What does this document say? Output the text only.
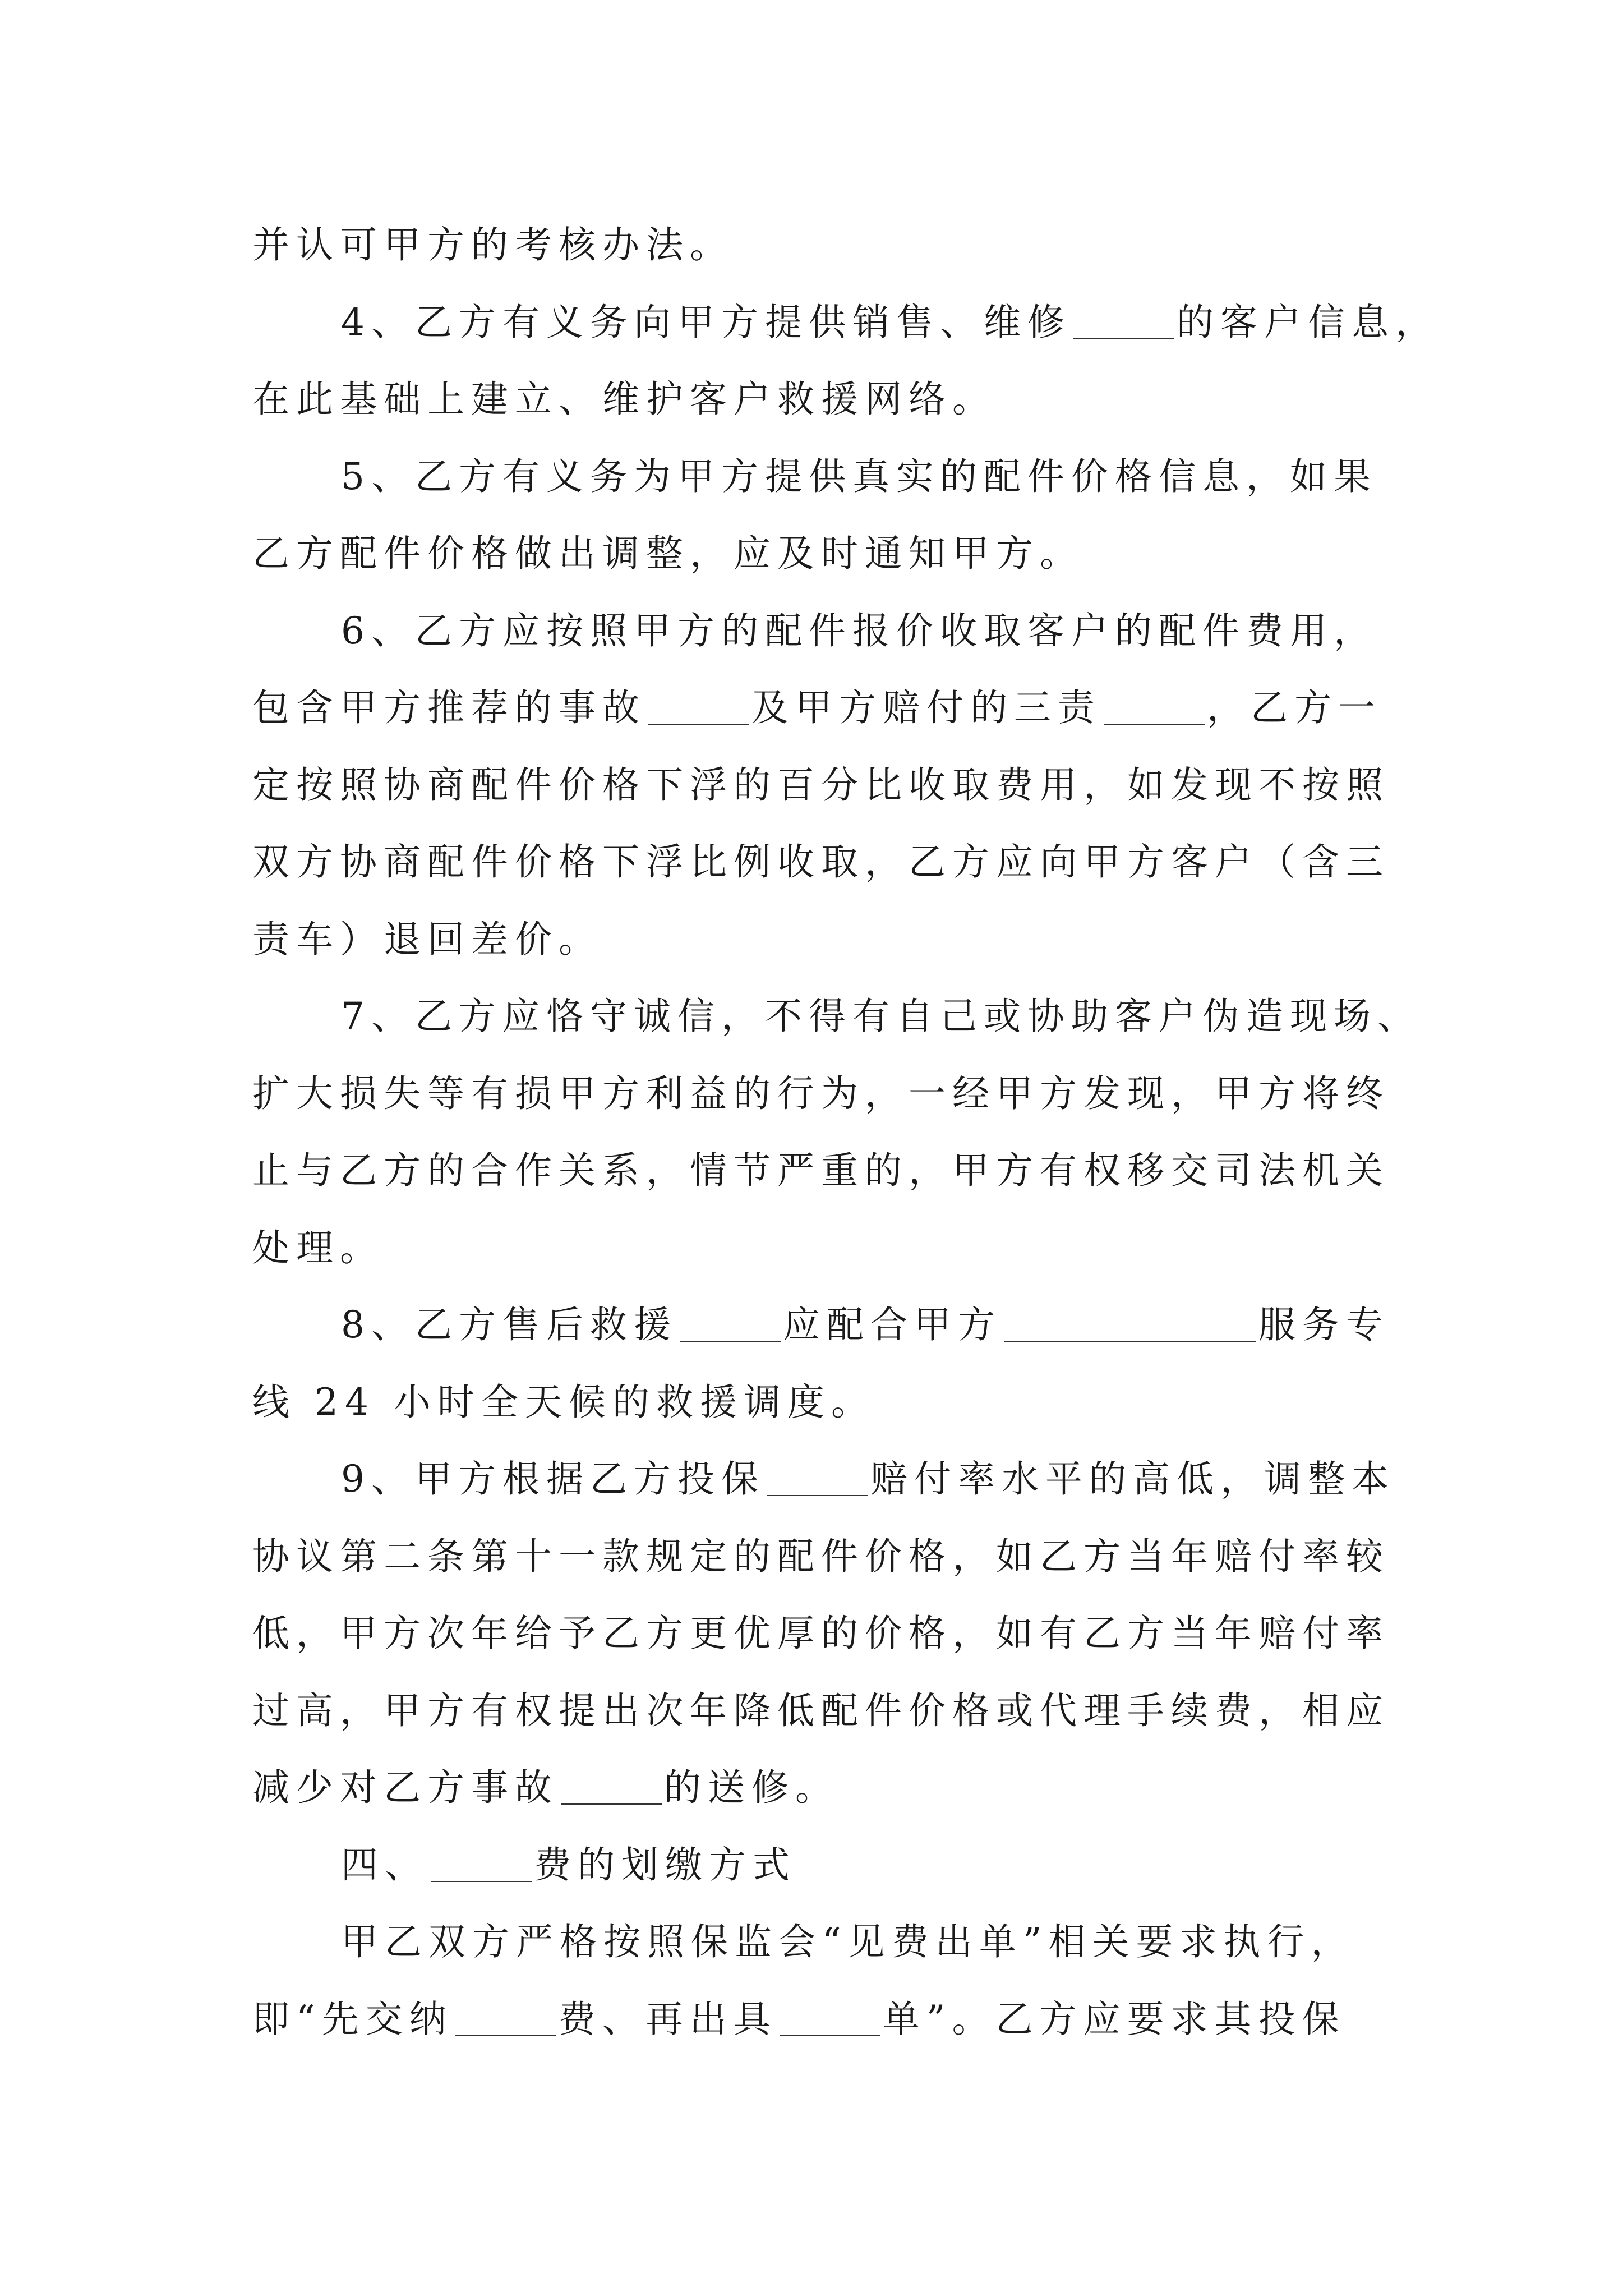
并认可甲方的考核办法。
4、乙方有义务向甲方提供销售、维修	的客户信息，
在此基础上建立、维护客户救援网络。
5、乙方有义务为甲方提供真实的配件价格信息，如果
乙方配件价格做出调整，应及时通知甲方。
6、乙方应按照甲方的配件报价收取客户的配件费用，
包含甲方推荐的事故	及甲方赔付的三责	，乙方一
定按照协商配件价格下浮的百分比收取费用，如发现不按照
双方协商配件价格下浮比例收取，乙方应向甲方客户（含三
责车）退回差价。
7、乙方应恪守诚信，不得有自己或协助客户伪造现场、
扩大损失等有损甲方利益的行为，一经甲方发现，甲方将终
止与乙方的合作关系，情节严重的，甲方有权移交司法机关
处理。
8、乙方售后救援	应配合甲方	服务专
线 24 小时全天候的救援调度。
9、甲方根据乙方投保	赔付率水平的高低，调整本
协议第二条第十一款规定的配件价格，如乙方当年赔付率较
低，甲方次年给予乙方更优厚的价格，如有乙方当年赔付率
过高，甲方有权提出次年降低配件价格或代理手续费，相应
减少对乙方事故	的送修。
四、	费的划缴方式
甲乙双方严格按照保监会“见费出单”相关要求执行，
即“先交纳	费、再出具	单”。乙方应要求其投保
